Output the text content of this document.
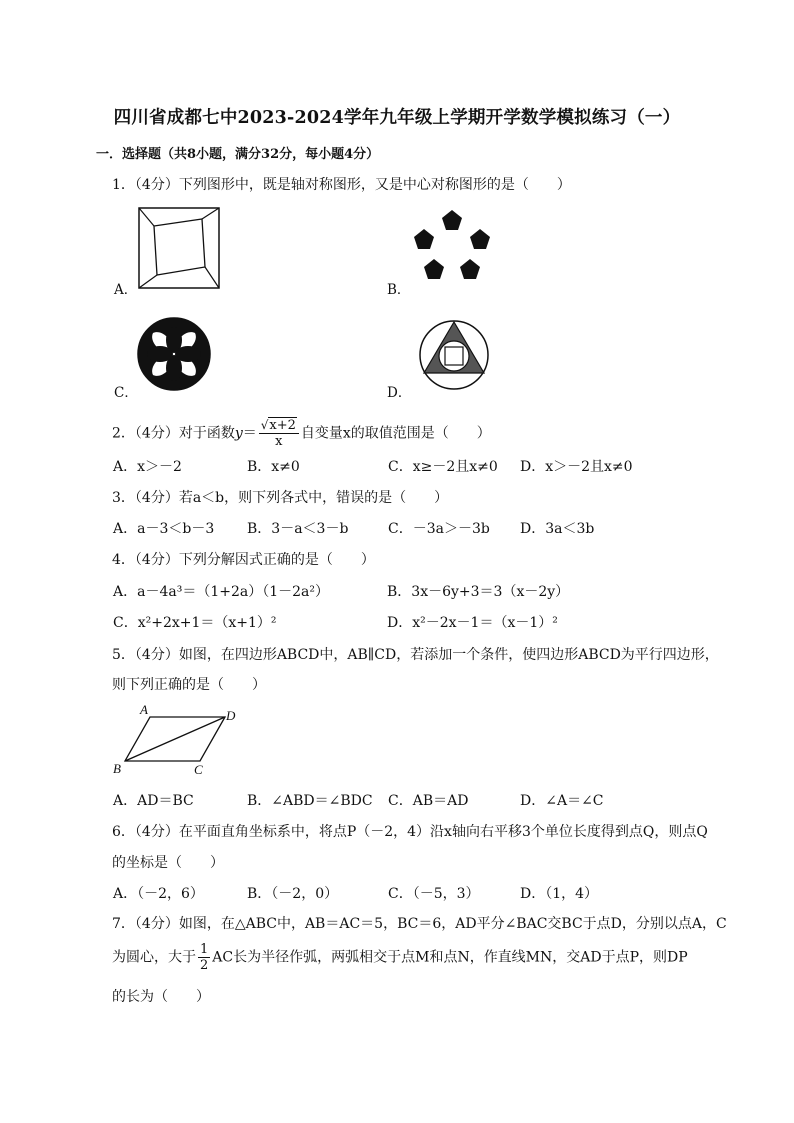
四川省成都七中2023-2024学年九年级上学期开学数学模拟练习（一）
一．选择题（共8小题，满分32分，每小题4分）
1．（4分）下列图形中，既是轴对称图形，又是中心对称图形的是（　　）
A．	B．
C．	D．
2．（4分）对于函数$y= \frac{√x+2}{x}$ 自变量x的取值范围是（　　）
A．x＞－2	B．x≠0	C．x≥－2且x≠0 D．x＞－2且x≠0
3．（4分）若a＜b，则下列各式中，错误的是（　　）
A．a－3＜b－3 B．3－a＜3－b	C．－3a＞－3b D．3a＜3b
4．（4分）下列分解因式正确的是（　　）
A．a－4a³＝（1+2a）（1－2a²）	B．3x－6y+3＝3（x－2y）
C．x²+2x+1＝（x+1）²	D．x²－2x－1＝（x－1）²
5．（4分）如图，在四边形ABCD中，AB∥CD，若添加一个条件，使四边形ABCD为平行四边形，
则下列正确的是（　　）
A	D
B	C
A．AD＝BC	B．∠ABD＝∠BDC C．AB＝AD	D．∠A＝∠C
6．（4分）在平面直角坐标系中，将点P（－2，4）沿x轴向右平移3个单位长度得到点Q，则点Q
的坐标是（　　）
A．（－2，6）	B．（－2，0）	C．（－5，3）	D．（1，4）
7．（4分）如图，在△ABC中，AB＝AC＝5，BC＝6，AD平分∠BAC交BC于点D，分别以点A，C
为圆心，大于 $\frac{1}{2}$ AC长为半径作弧，两弧相交于点M和点N，作直线MN，交AD于点P，则DP
的长为（　　）
